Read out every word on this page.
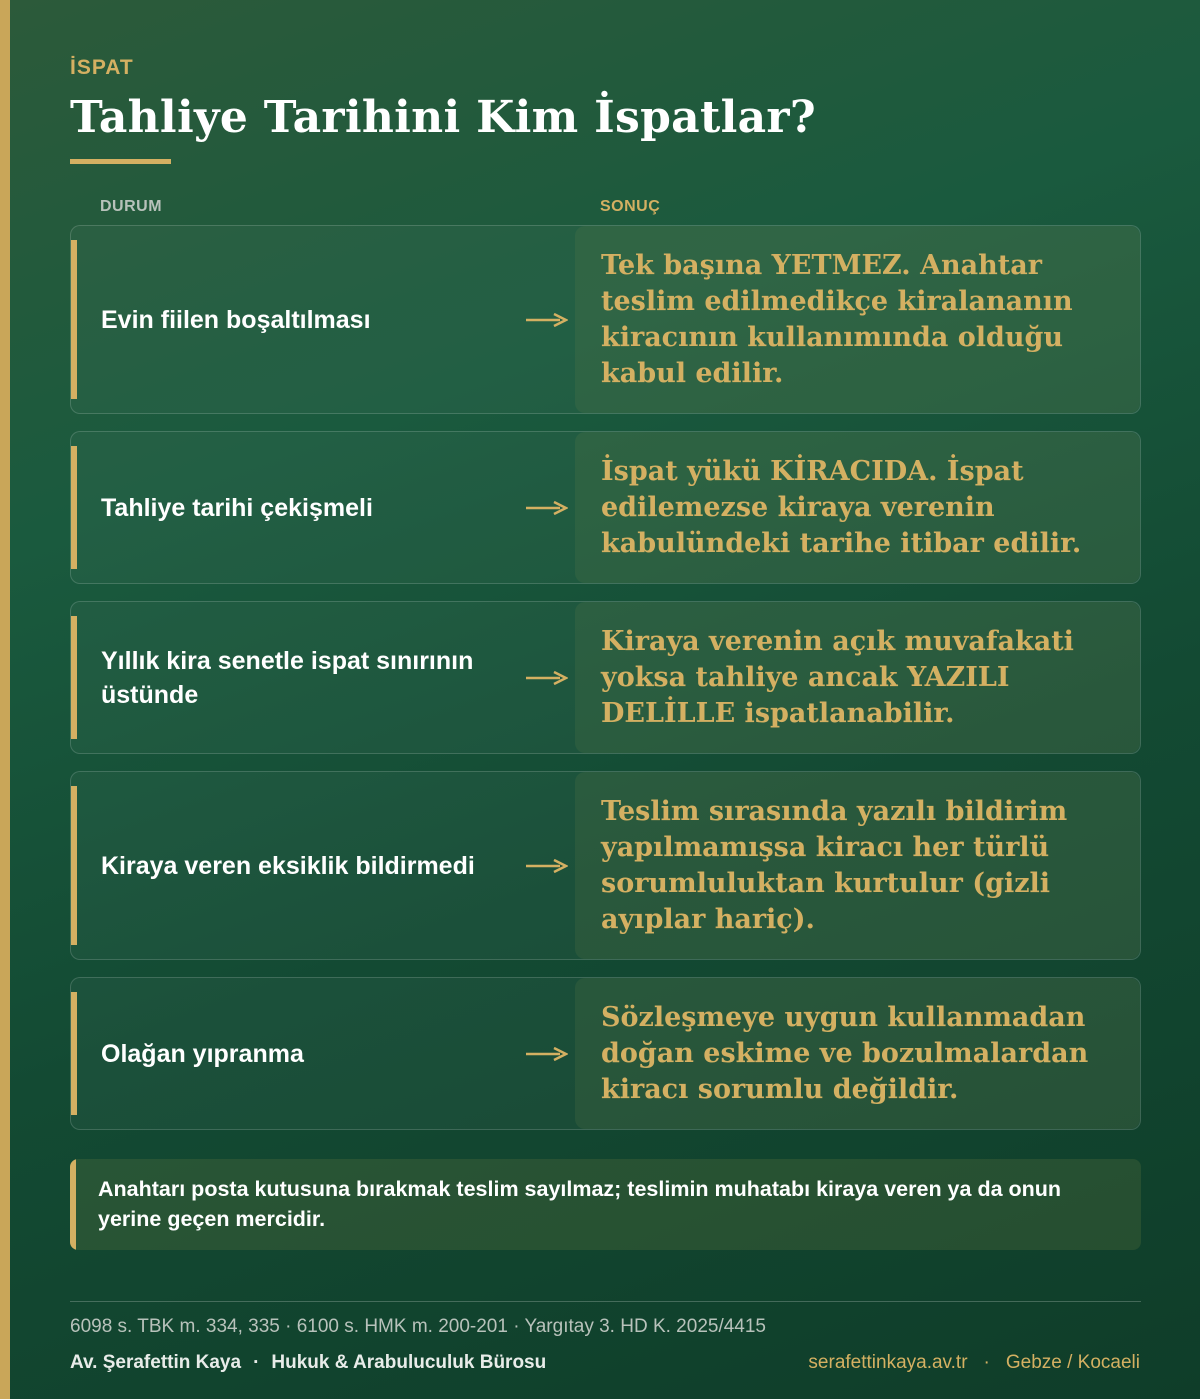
İSPAT
Tahliye Tarihini Kim İspatlar?
DURUM	SONUÇ
Evin fiilen boşaltılması
Tek başına YETMEZ. Anahtar teslim edilmedikçe kiralananın kiracının kullanımında olduğu kabul edilir.
Tahliye tarihi çekişmeli
İspat yükü KİRACIDA. İspat edilemezse kiraya verenin kabulündeki tarihe itibar edilir.
Yıllık kira senetle ispat sınırının üstünde
Kiraya verenin açık muvafakati yoksa tahliye ancak YAZILI DELİLLE ispatlanabilir.
Kiraya veren eksiklik bildirmedi
Teslim sırasında yazılı bildirim yapılmamışsa kiracı her türlü sorumluluktan kurtulur (gizli ayıplar hariç).
Olağan yıpranma
Sözleşmeye uygun kullanmadan doğan eskime ve bozulmalardan kiracı sorumlu değildir.
Anahtarı posta kutusuna bırakmak teslim sayılmaz; teslimin muhatabı kiraya veren ya da onun yerine geçen mercidir.
6098 s. TBK m. 334, 335 · 6100 s. HMK m. 200-201 · Yargıtay 3. HD K. 2025/4415
Av. Şerafettin Kaya · Hukuk & Arabuluculuk Bürosu	serafettinkaya.av.tr · Gebze / Kocaeli
